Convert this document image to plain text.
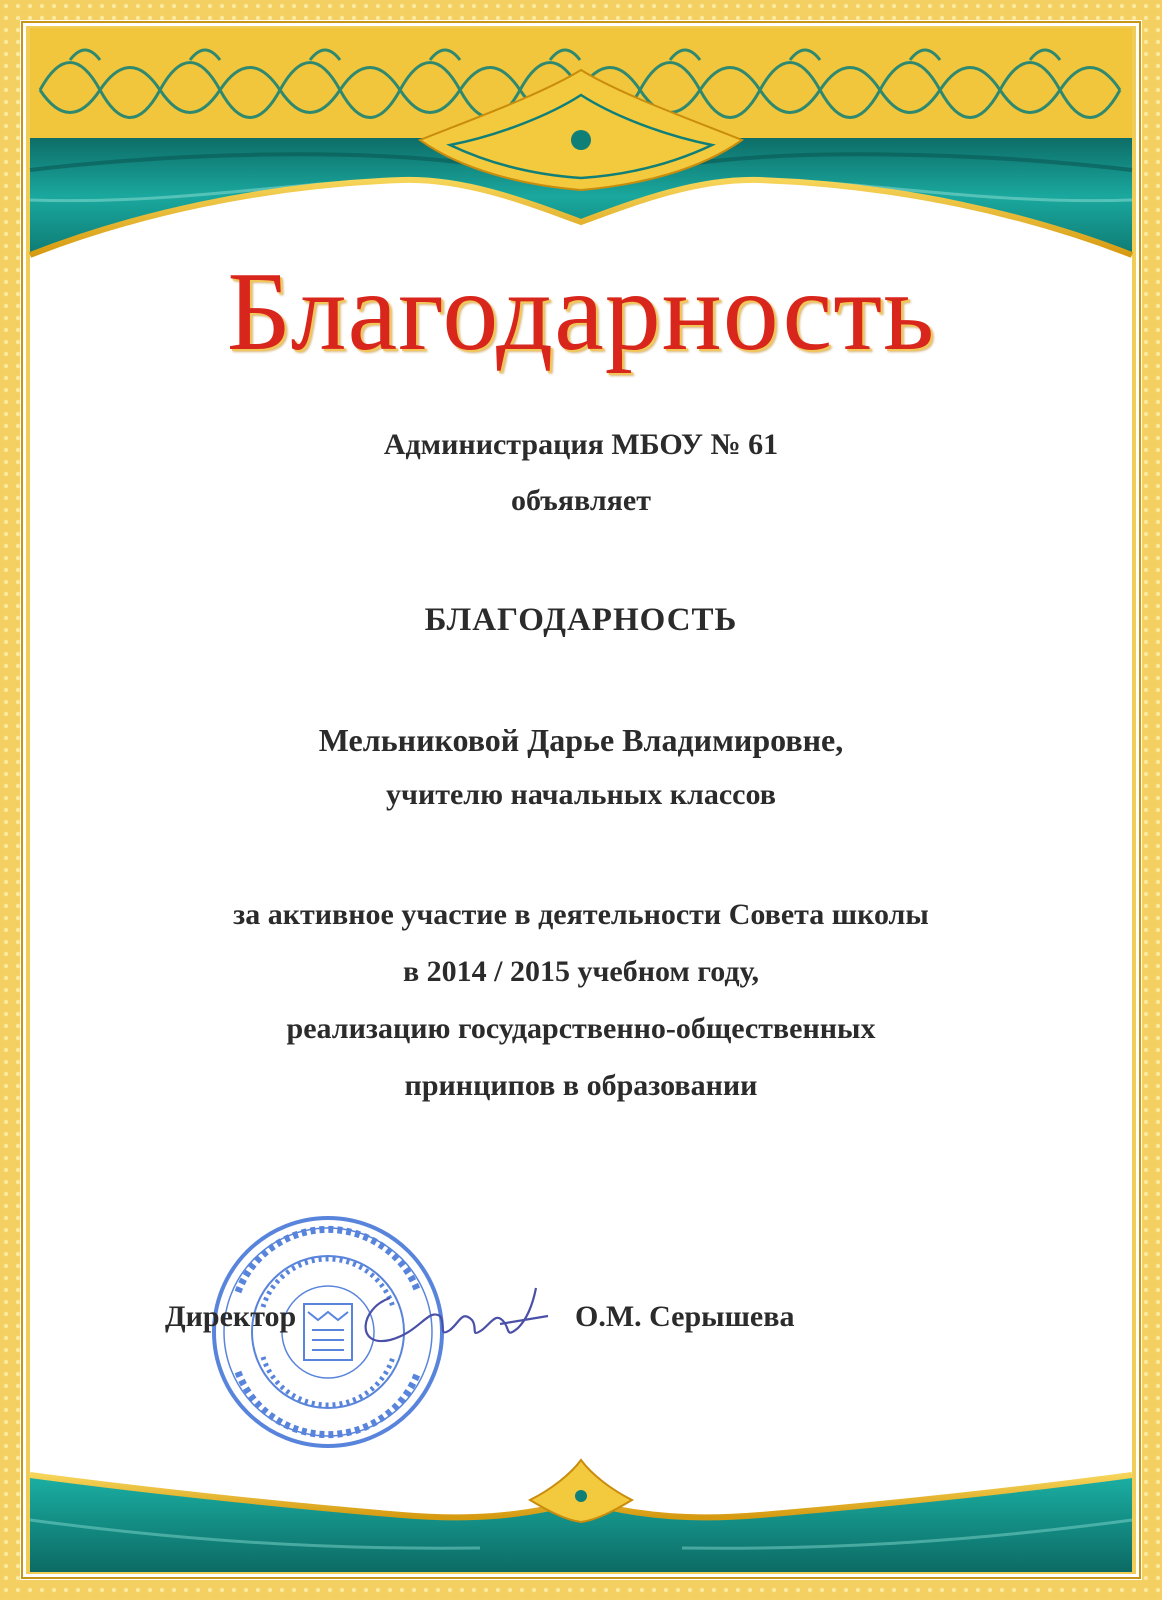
Благодарность
Администрация МБОУ № 61
объявляет
БЛАГОДАРНОСТЬ
Мельниковой Дарье Владимировне,
учителю начальных классов
за активное участие в деятельности Совета школы
в 2014 / 2015 учебном году,
реализацию государственно-общественных
принципов в образовании
Директор	О.М. Серышева
